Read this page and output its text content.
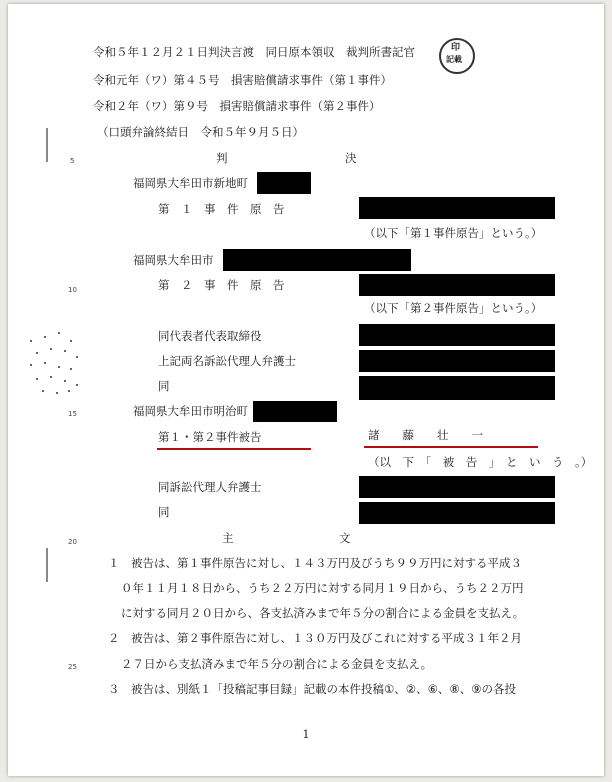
令和５年１２月２１日判決言渡　同日原本領収　裁判所書記官
令和元年（ワ）第４５号　損害賠償請求事件（第１事件）
令和２年（ワ）第９号　損害賠償請求事件（第２事件）
（口頭弁論終結日　令和５年９月５日）
印
記載
5
10
15
20
25
判	決
福岡県大牟田市新地町
第　１　事　件　原　告
（以下「第１事件原告」という。）
福岡県大牟田市
第　２　事　件　原　告
（以下「第２事件原告」という。）
同代表者代表取締役
上記両名訴訟代理人弁護士
同
福岡県大牟田市明治町
第１・第２事件被告	諸　　藤　　壮　　一
（以　下　「　被　告　」　と　い　う　。）
同訴訟代理人弁護士
同
主	文
１　被告は、第１事件原告に対し、１４３万円及びうち９９万円に対する平成３
０年１１月１８日から、うち２２万円に対する同月１９日から、うち２２万円
に対する同月２０日から、各支払済みまで年５分の割合による金員を支払え。
２　被告は、第２事件原告に対し、１３０万円及びこれに対する平成３１年２月
２７日から支払済みまで年５分の割合による金員を支払え。
３　被告は、別紙１「投稿記事目録」記載の本件投稿①、②、⑥、⑧、⑨の各投
1
